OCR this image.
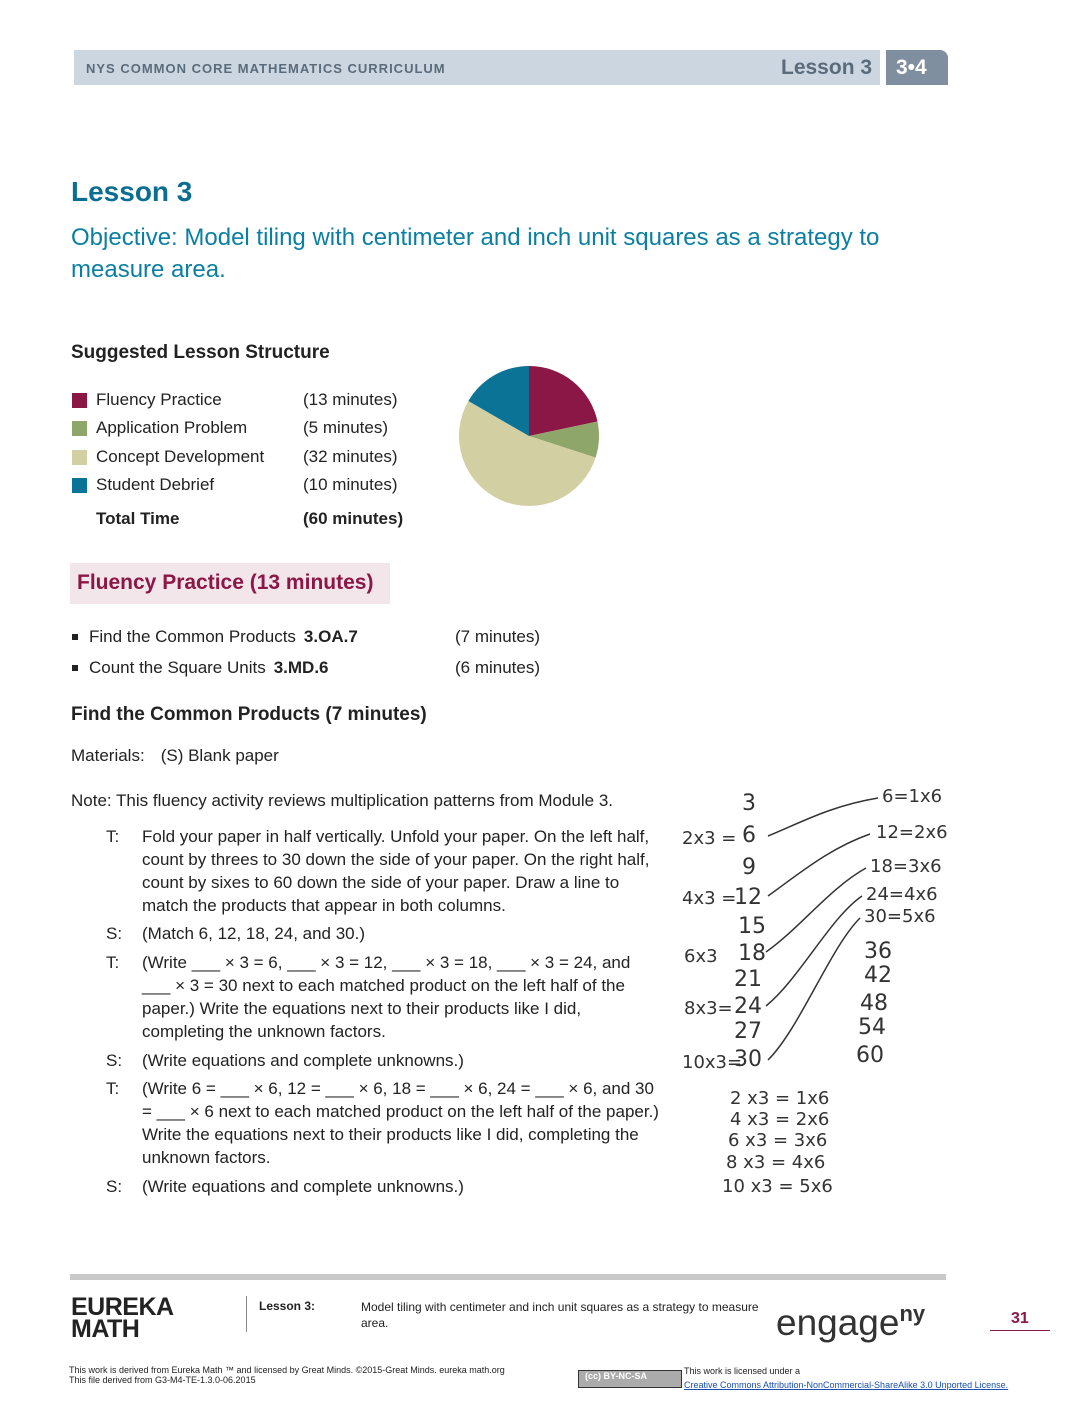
NYS COMMON CORE MATHEMATICS CURRICULUM	Lesson 3 3•4
Lesson 3
Objective: Model tiling with centimeter and inch unit squares as a strategy to measure area.
Suggested Lesson Structure
Fluency Practice	(13 minutes)
Application Problem	(5 minutes)
Concept Development (32 minutes)
Student Debrief	(10 minutes)
Total Time	(60 minutes)
Fluency Practice (13 minutes)
Find the Common Products 3.OA.7	(7 minutes)
Count the Square Units 3.MD.6	(6 minutes)
Find the Common Products (7 minutes)
Materials: (S) Blank paper
Note: This fluency activity reviews multiplication patterns from Module 3.
T: Fold your paper in half vertically. Unfold your paper. On the left half, count by threes to 30 down the side of your paper. On the right half, count by sixes to 60 down the side of your paper. Draw a line to match the products that appear in both columns.
S: (Match 6, 12, 18, 24, and 30.)
T: (Write ___ × 3 = 6, ___ × 3 = 12, ___ × 3 = 18, ___ × 3 = 24, and ___ × 3 = 30 next to each matched product on the left half of the paper.) Write the equations next to their products like I did, completing the unknown factors.
S: (Write equations and complete unknowns.)
T: (Write 6 = ___ × 6, 12 = ___ × 6, 18 = ___ × 6, 24 = ___ × 6, and 30 = ___ × 6 next to each matched product on the left half of the paper.) Write the equations next to their products like I did, completing the unknown factors.
S: (Write equations and complete unknowns.)
3
6
9
12
15
18
21
24
27
30
2x3 =
4x3 =
6x3
8x3=
10x3=
6=1x6
12=2x6
18=3x6
24=4x6
30=5x6
36
42
48
54
60
2 x3 = 1x6
4 x3 = 2x6
6 x3 = 3x6
8 x3 = 4x6
10 x3 = 5x6
EUREKA
MATH
Lesson 3:	Model tiling with centimeter and inch unit squares as a strategy to measure area.	engage$^{ny}$	31
This work is derived from Eureka Math ™ and licensed by Great Minds. ©2015-Great Minds. eureka math.org
This file derived from G3-M4-TE-1.3.0-06.2015	(cc) BY-NC-SA	This work is licensed under a
Creative Commons Attribution-NonCommercial-ShareAlike 3.0 Unported License.
